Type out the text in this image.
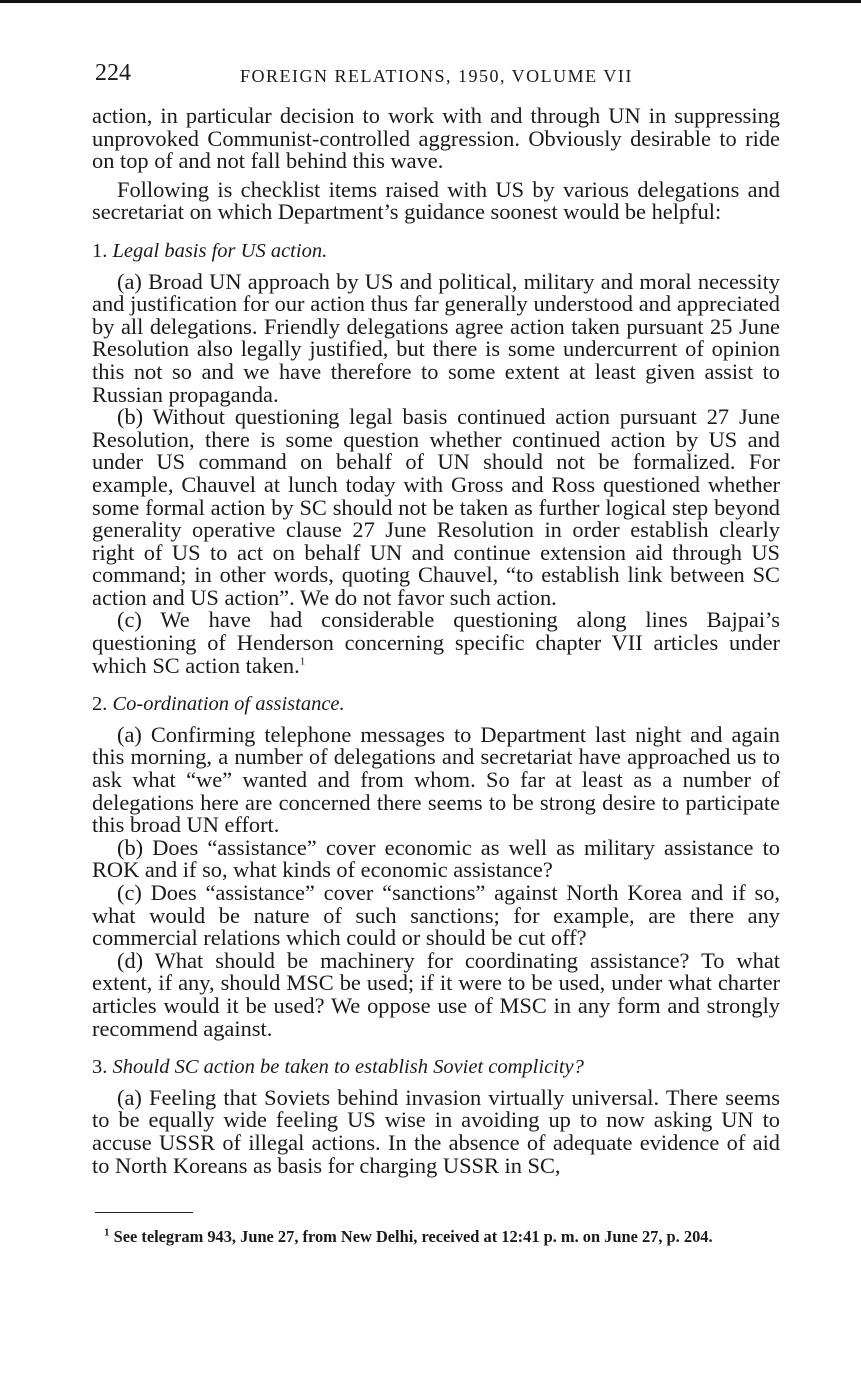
224	FOREIGN RELATIONS, 1950, VOLUME VII

action, in particular decision to work with and through UN in suppressing unprovoked Communist-controlled aggression. Obviously desirable to ride on top of and not fall behind this wave.

Following is checklist items raised with US by various delegations and secretariat on which Department’s guidance soonest would be helpful:

1. Legal basis for US action.

(a) Broad UN approach by US and political, military and moral necessity and justification for our action thus far generally understood and appreciated by all delegations. Friendly delegations agree action taken pursuant 25 June Resolution also legally justified, but there is some undercurrent of opinion this not so and we have therefore to some extent at least given assist to Russian propaganda.

(b) Without questioning legal basis continued action pursuant 27 June Resolution, there is some question whether continued action by US and under US command on behalf of UN should not be formalized. For example, Chauvel at lunch today with Gross and Ross questioned whether some formal action by SC should not be taken as further logical step beyond generality operative clause 27 June Resolution in order establish clearly right of US to act on behalf UN and continue extension aid through US command; in other words, quoting Chauvel, “to establish link between SC action and US action”. We do not favor such action.

(c) We have had considerable questioning along lines Bajpai’s questioning of Henderson concerning specific chapter VII articles under which SC action taken.$^1$

2. Co-ordination of assistance.

(a) Confirming telephone messages to Department last night and again this morning, a number of delegations and secretariat have approached us to ask what “we” wanted and from whom. So far at least as a number of delegations here are concerned there seems to be strong desire to participate this broad UN effort.

(b) Does “assistance” cover economic as well as military assistance to ROK and if so, what kinds of economic assistance?

(c) Does “assistance” cover “sanctions” against North Korea and if so, what would be nature of such sanctions; for example, are there any commercial relations which could or should be cut off?

(d) What should be machinery for coordinating assistance? To what extent, if any, should MSC be used; if it were to be used, under what charter articles would it be used? We oppose use of MSC in any form and strongly recommend against.

3. Should SC action be taken to establish Soviet complicity?

(a) Feeling that Soviets behind invasion virtually universal. There seems to be equally wide feeling US wise in avoiding up to now asking UN to accuse USSR of illegal actions. In the absence of adequate evidence of aid to North Koreans as basis for charging USSR in SC,

$^1$ See telegram 943, June 27, from New Delhi, received at 12:41 p. m. on June 27, p. 204.
